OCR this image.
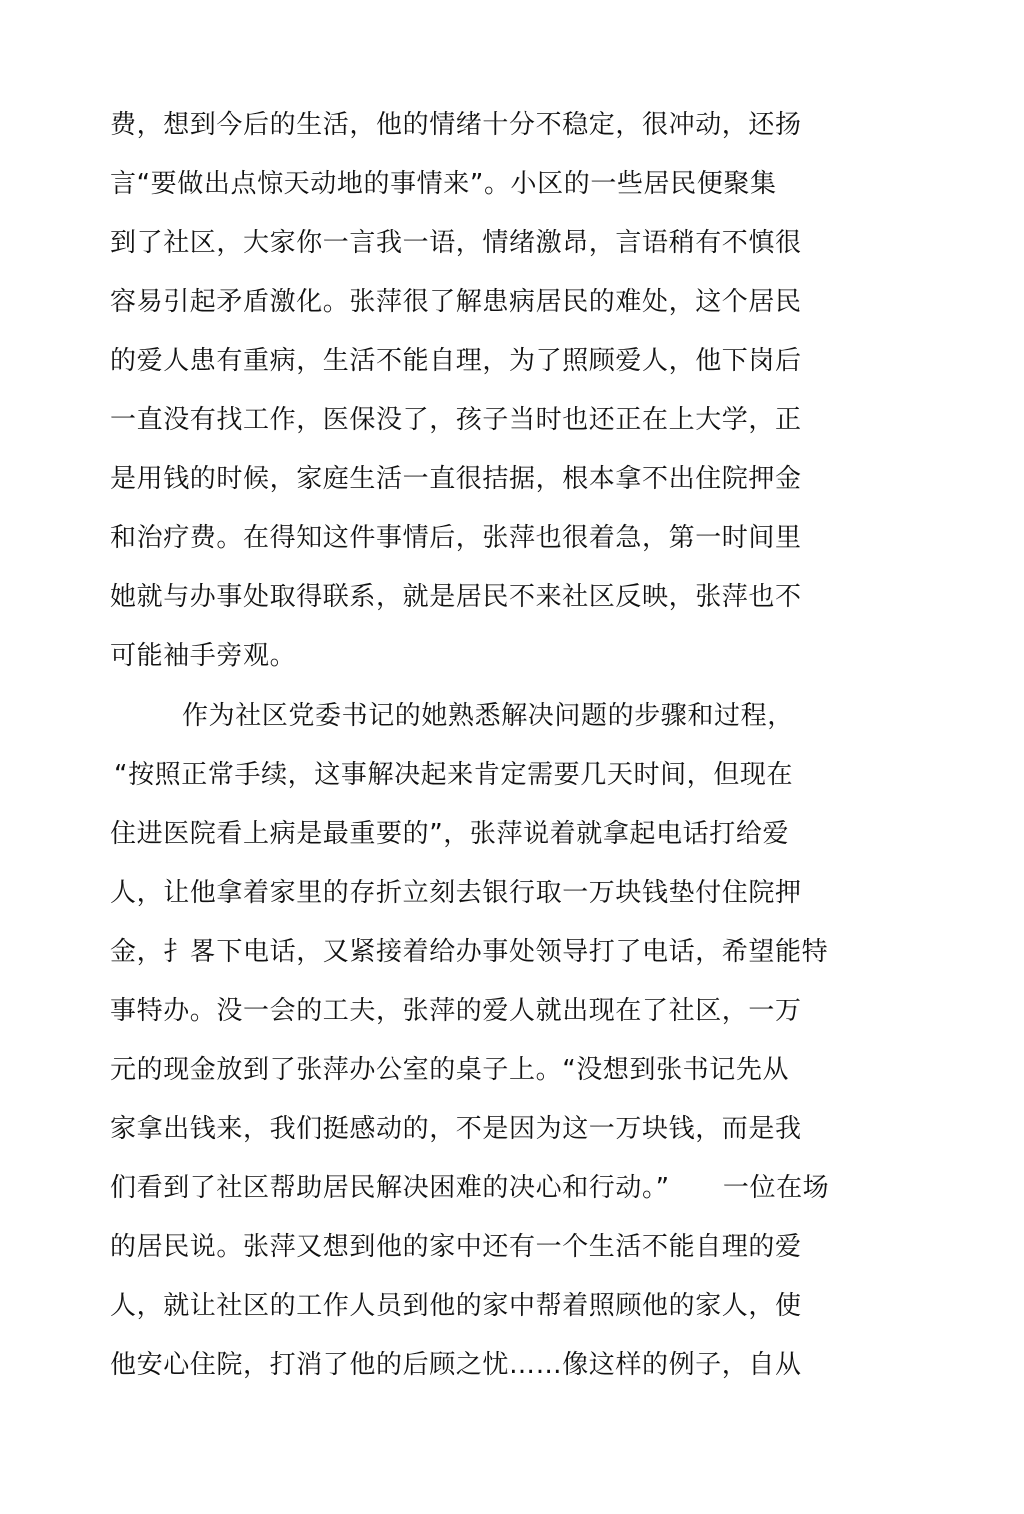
费，想到今后的生活，他的情绪十分不稳定，很冲动，还扬
言“要做出点惊天动地的事情来”。小区的一些居民便聚集
到了社区，大家你一言我一语，情绪激昂，言语稍有不慎很
容易引起矛盾激化。张萍很了解患病居民的难处，这个居民
的爱人患有重病，生活不能自理，为了照顾爱人，他下岗后
一直没有找工作，医保没了，孩子当时也还正在上大学，正
是用钱的时候，家庭生活一直很拮据，根本拿不出住院押金
和治疗费。在得知这件事情后，张萍也很着急，第一时间里
她就与办事处取得联系，就是居民不来社区反映，张萍也不
可能袖手旁观。
作为社区党委书记的她熟悉解决问题的步骤和过程，
“按照正常手续，这事解决起来肯定需要几天时间，但现在
住进医院看上病是最重要的”，张萍说着就拿起电话打给爱
人，让他拿着家里的存折立刻去银行取一万块钱垫付住院押
金，扌畧下电话，又紧接着给办事处领导打了电话，希望能特
事特办。没一会的工夫，张萍的爱人就出现在了社区，一万
元的现金放到了张萍办公室的桌子上。“没想到张书记先从
家拿出钱来，我们挺感动的，不是因为这一万块钱，而是我
们看到了社区帮助居民解决困难的决心和行动。”　　一位在场
的居民说。张萍又想到他的家中还有一个生活不能自理的爱
人，就让社区的工作人员到他的家中帮着照顾他的家人，使
他安心住院，打消了他的后顾之忧……像这样的例子，自从
